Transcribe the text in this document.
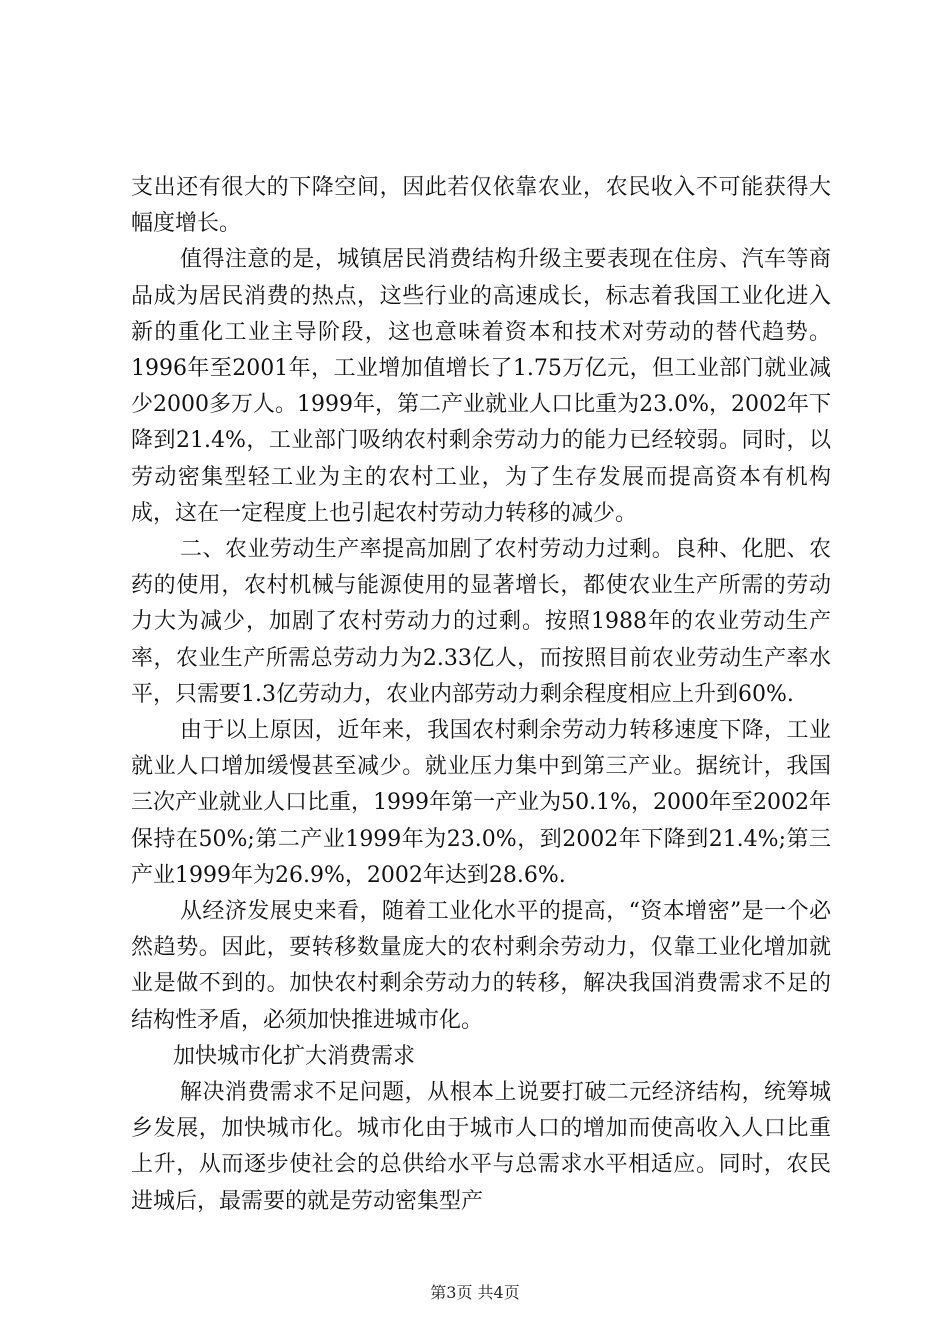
支出还有很大的下降空间，因此若仅依靠农业，农民收入不可能获得大幅度增长。

值得注意的是，城镇居民消费结构升级主要表现在住房、汽车等商品成为居民消费的热点，这些行业的高速成长，标志着我国工业化进入新的重化工业主导阶段，这也意味着资本和技术对劳动的替代趋势。1996年至2001年，工业增加值增长了1.75万亿元，但工业部门就业减少2000多万人。1999年，第二产业就业人口比重为23.0%，2002年下降到21.4%，工业部门吸纳农村剩余劳动力的能力已经较弱。同时，以劳动密集型轻工业为主的农村工业，为了生存发展而提高资本有机构成，这在一定程度上也引起农村劳动力转移的减少。

二、农业劳动生产率提高加剧了农村劳动力过剩。良种、化肥、农药的使用，农村机械与能源使用的显著增长，都使农业生产所需的劳动力大为减少，加剧了农村劳动力的过剩。按照1988年的农业劳动生产率，农业生产所需总劳动力为2.33亿人，而按照目前农业劳动生产率水平，只需要1.3亿劳动力，农业内部劳动力剩余程度相应上升到60%.

由于以上原因，近年来，我国农村剩余劳动力转移速度下降，工业就业人口增加缓慢甚至减少。就业压力集中到第三产业。据统计，我国三次产业就业人口比重，1999年第一产业为50.1%，2000年至2002年保持在50%;第二产业1999年为23.0%，到2002年下降到21.4%;第三产业1999年为26.9%，2002年达到28.6%.

从经济发展史来看，随着工业化水平的提高，“资本增密”是一个必然趋势。因此，要转移数量庞大的农村剩余劳动力，仅靠工业化增加就业是做不到的。加快农村剩余劳动力的转移，解决我国消费需求不足的结构性矛盾，必须加快推进城市化。

加快城市化扩大消费需求

解决消费需求不足问题，从根本上说要打破二元经济结构，统筹城乡发展，加快城市化。城市化由于城市人口的增加而使高收入人口比重上升，从而逐步使社会的总供给水平与总需求水平相适应。同时，农民进城后，最需要的就是劳动密集型产

第3页 共4页
